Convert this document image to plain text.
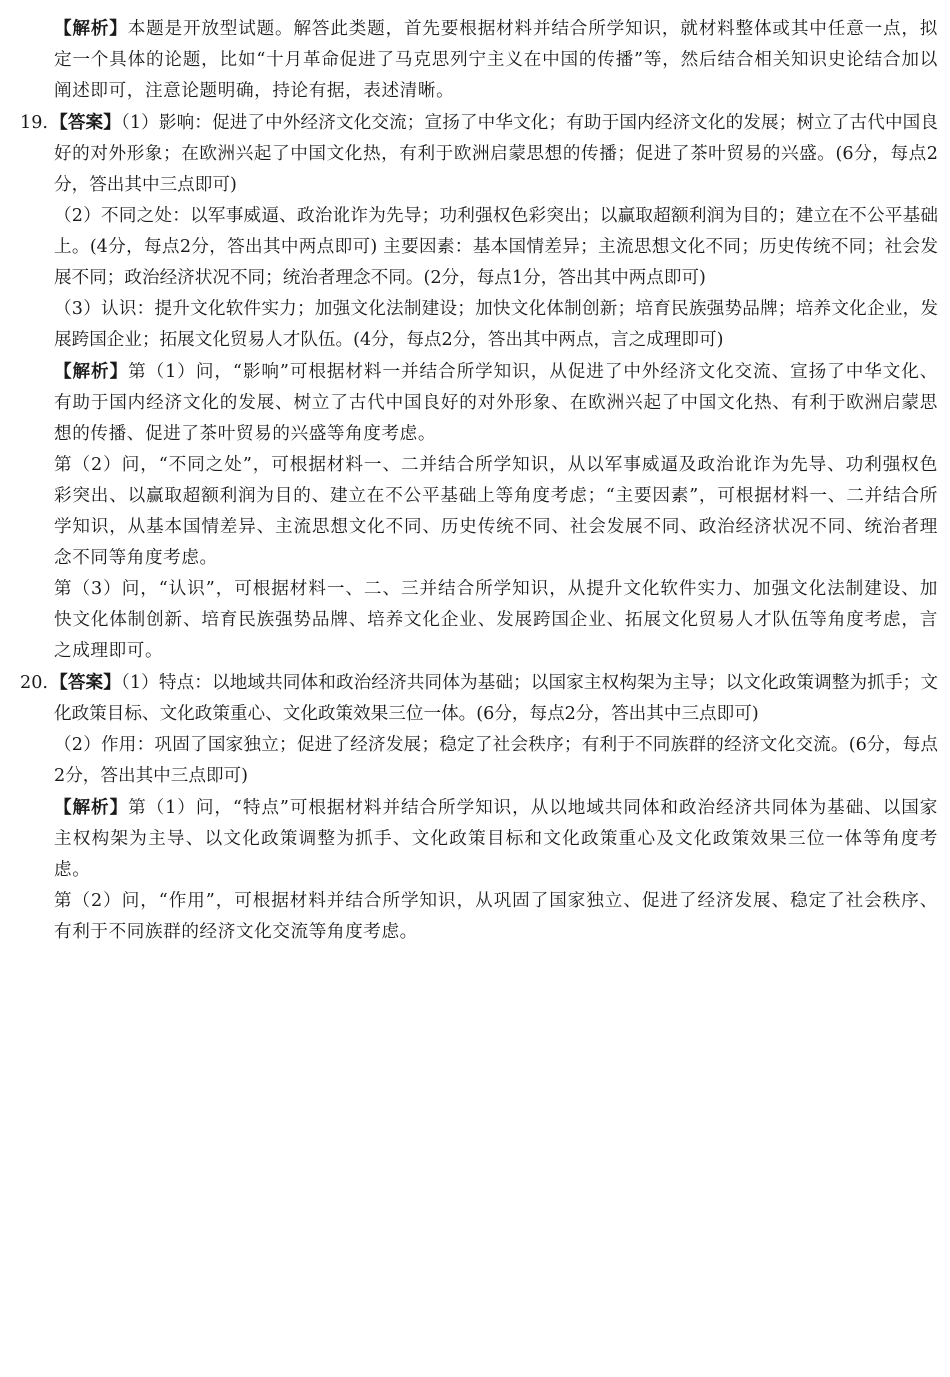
【解析】本题是开放型试题。解答此类题，首先要根据材料并结合所学知识，就材料整体或其中任意一点，拟定一个具体的论题，比如“十月革命促进了马克思列宁主义在中国的传播”等，然后结合相关知识史论结合加以阐述即可，注意论题明确，持论有据，表述清晰。

19. 【答案】（1）影响：促进了中外经济文化交流；宣扬了中华文化；有助于国内经济文化的发展；树立了古代中国良好的对外形象；在欧洲兴起了中国文化热，有利于欧洲启蒙思想的传播；促进了茶叶贸易的兴盛。(6分，每点2分，答出其中三点即可)

（2）不同之处：以军事威逼、政治讹诈为先导；功利强权色彩突出；以赢取超额利润为目的；建立在不公平基础上。(4分，每点2分，答出其中两点即可) 主要因素：基本国情差异；主流思想文化不同；历史传统不同；社会发展不同；政治经济状况不同；统治者理念不同。(2分，每点1分，答出其中两点即可)

（3）认识：提升文化软件实力；加强文化法制建设；加快文化体制创新；培育民族强势品牌；培养文化企业，发展跨国企业；拓展文化贸易人才队伍。(4分，每点2分，答出其中两点，言之成理即可)

【解析】第（1）问，“影响”可根据材料一并结合所学知识，从促进了中外经济文化交流、宣扬了中华文化、有助于国内经济文化的发展、树立了古代中国良好的对外形象、在欧洲兴起了中国文化热、有利于欧洲启蒙思想的传播、促进了茶叶贸易的兴盛等角度考虑。

第（2）问，“不同之处”，可根据材料一、二并结合所学知识，从以军事威逼及政治讹诈为先导、功利强权色彩突出、以赢取超额利润为目的、建立在不公平基础上等角度考虑；“主要因素”，可根据材料一、二并结合所学知识，从基本国情差异、主流思想文化不同、历史传统不同、社会发展不同、政治经济状况不同、统治者理念不同等角度考虑。

第（3）问，“认识”，可根据材料一、二、三并结合所学知识，从提升文化软件实力、加强文化法制建设、加快文化体制创新、培育民族强势品牌、培养文化企业、发展跨国企业、拓展文化贸易人才队伍等角度考虑，言之成理即可。

20. 【答案】（1）特点：以地域共同体和政治经济共同体为基础；以国家主权构架为主导；以文化政策调整为抓手；文化政策目标、文化政策重心、文化政策效果三位一体。(6分，每点2分，答出其中三点即可)

（2）作用：巩固了国家独立；促进了经济发展；稳定了社会秩序；有利于不同族群的经济文化交流。(6分，每点2分，答出其中三点即可)

【解析】第（1）问，“特点”可根据材料并结合所学知识，从以地域共同体和政治经济共同体为基础、以国家主权构架为主导、以文化政策调整为抓手、文化政策目标和文化政策重心及文化政策效果三位一体等角度考虑。

第（2）问，“作用”，可根据材料并结合所学知识，从巩固了国家独立、促进了经济发展、稳定了社会秩序、有利于不同族群的经济文化交流等角度考虑。
